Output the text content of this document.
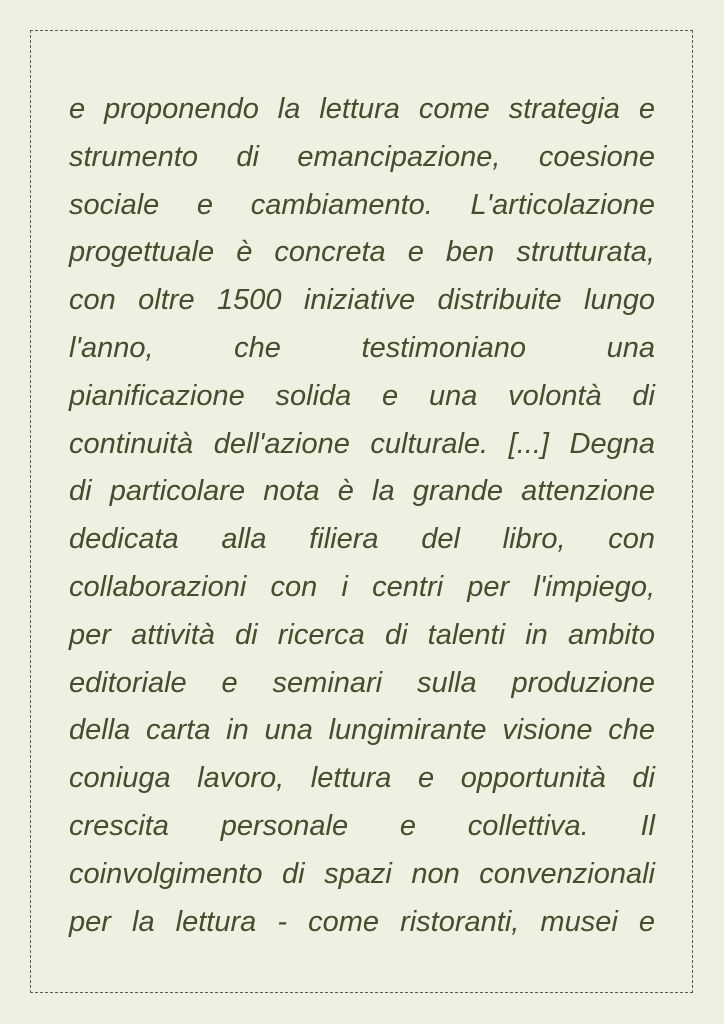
e proponendo la lettura come strategia e
strumento di emancipazione, coesione
sociale e cambiamento. L'articolazione
progettuale è concreta e ben strutturata,
con oltre 1500 iniziative distribuite lungo
l'anno, che testimoniano una
pianificazione solida e una volontà di
continuità dell'azione culturale. [...] Degna
di particolare nota è la grande attenzione
dedicata alla filiera del libro, con
collaborazioni con i centri per l'impiego,
per attività di ricerca di talenti in ambito
editoriale e seminari sulla produzione
della carta in una lungimirante visione che
coniuga lavoro, lettura e opportunità di
crescita personale e collettiva. Il
coinvolgimento di spazi non convenzionali
per la lettura - come ristoranti, musei e
